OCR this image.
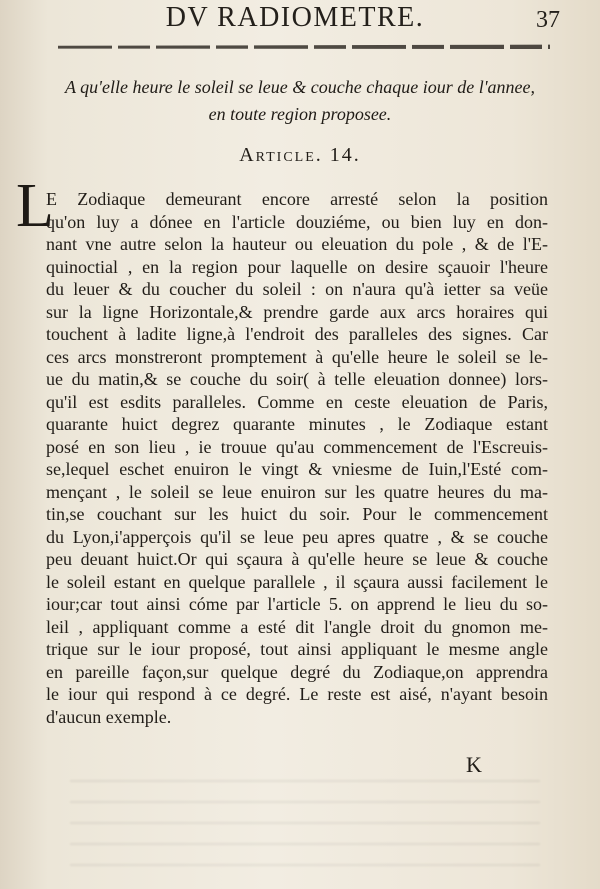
DV RADIOMETRE.	37
A qu'elle heure le soleil se leue & couche chaque iour de l'annee,
en toute region proposee.
Article. 14.
L
E Zodiaque demeurant encore arresté selon la position
qu'on luy a dónee en l'article douziéme, ou bien luy en don-
nant vne autre selon la hauteur ou eleuation du pole , & de l'E-
quinoctial , en la region pour laquelle on desire sçauoir l'heure
du leuer & du coucher du soleil : on n'aura qu'à ietter sa veüe
sur la ligne Horizontale,& prendre garde aux arcs horaires qui
touchent à ladite ligne,à l'endroit des paralleles des signes. Car
ces arcs monstreront promptement à qu'elle heure le soleil se le-
ue du matin,& se couche du soir( à telle eleuation donnee) lors-
qu'il est esdits paralleles. Comme en ceste eleuation de Paris,
quarante huict degrez quarante minutes , le Zodiaque estant
posé en son lieu , ie trouue qu'au commencement de l'Escreuis-
se,lequel eschet enuiron le vingt & vniesme de Iuin,l'Esté com-
mençant , le soleil se leue enuiron sur les quatre heures du ma-
tin,se couchant sur les huict du soir. Pour le commencement
du Lyon,i'apperçois qu'il se leue peu apres quatre , & se couche
peu deuant huict.Or qui sçaura à qu'elle heure se leue & couche
le soleil estant en quelque parallele , il sçaura aussi facilement le
iour;car tout ainsi cóme par l'article 5. on apprend le lieu du so-
leil , appliquant comme a esté dit l'angle droit du gnomon me-
trique sur le iour proposé, tout ainsi appliquant le mesme angle
en pareille façon,sur quelque degré du Zodiaque,on apprendra
le iour qui respond à ce degré. Le reste est aisé, n'ayant besoin
d'aucun exemple.
K
